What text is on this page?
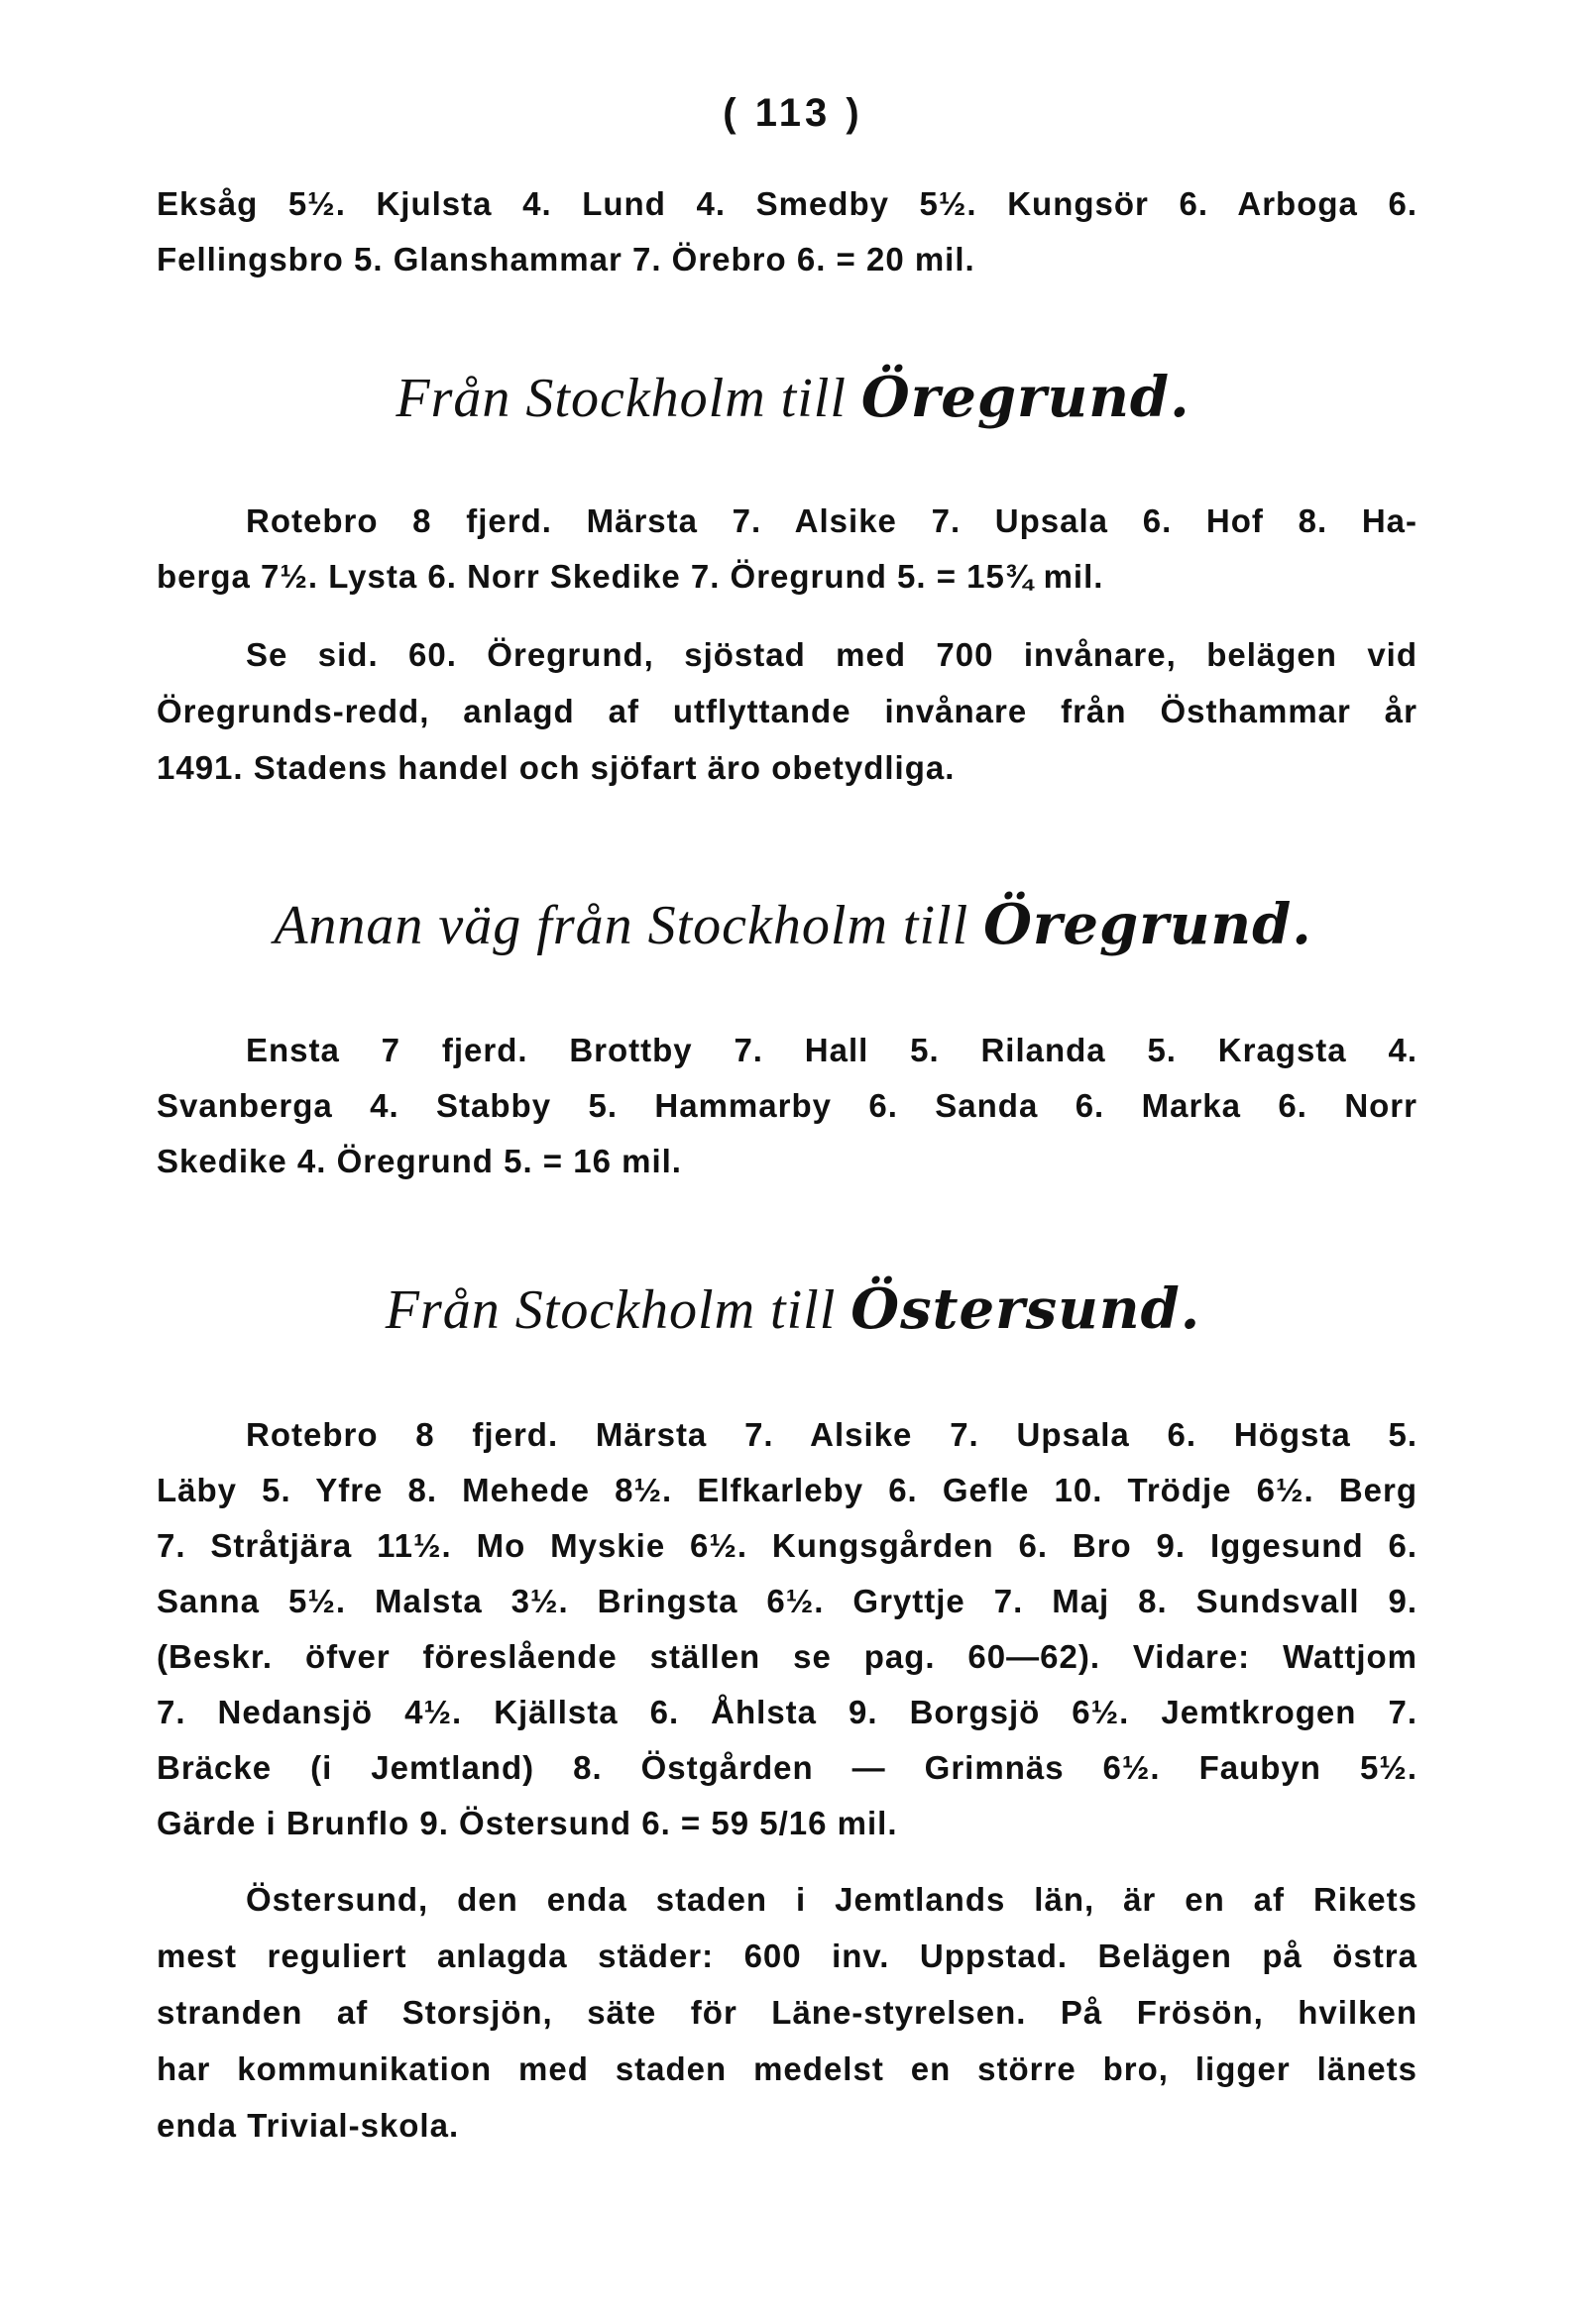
( 113 )
Eksåg 5½. Kjulsta 4. Lund 4. Smedby 5½. Kungsör 6. Arboga 6.
Fellingsbro 5. Glanshammar 7. Örebro 6. = 20 mil.
Från Stockholm till Öregrund.
Rotebro 8 fjerd. Märsta 7. Alsike 7. Upsala 6. Hof 8. Ha-
berga 7½. Lysta 6. Norr Skedike 7. Öregrund 5. = 15¾ mil.
Se sid. 60. Öregrund, sjöstad med 700 invånare, belägen vid
Öregrunds-redd, anlagd af utflyttande invånare från Östhammar år
1491. Stadens handel och sjöfart äro obetydliga.
Annan väg från Stockholm till Öregrund.
Ensta 7 fjerd. Brottby 7. Hall 5. Rilanda 5. Kragsta 4.
Svanberga 4. Stabby 5. Hammarby 6. Sanda 6. Marka 6. Norr
Skedike 4. Öregrund 5. = 16 mil.
Från Stockholm till Östersund.
Rotebro 8 fjerd. Märsta 7. Alsike 7. Upsala 6. Högsta 5.
Läby 5. Yfre 8. Mehede 8½. Elfkarleby 6. Gefle 10. Trödje 6½. Berg
7. Stråtjära 11½. Mo Myskie 6½. Kungsgården 6. Bro 9. Iggesund 6.
Sanna 5½. Malsta 3½. Bringsta 6½. Gryttje 7. Maj 8. Sundsvall 9.
(Beskr. öfver föreslående ställen se pag. 60—62). Vidare: Wattjom
7. Nedansjö 4½. Kjällsta 6. Åhlsta 9. Borgsjö 6½. Jemtkrogen 7.
Bräcke (i Jemtland) 8. Östgården — Grimnäs 6½. Faubyn 5½.
Gärde i Brunflo 9. Östersund 6. = 59 5/16 mil.
Östersund, den enda staden i Jemtlands län, är en af Rikets
mest reguliert anlagda städer: 600 inv. Uppstad. Belägen på östra
stranden af Storsjön, säte för Läne-styrelsen. På Frösön, hvilken
har kommunikation med staden medelst en större bro, ligger länets
enda Trivial-skola.
